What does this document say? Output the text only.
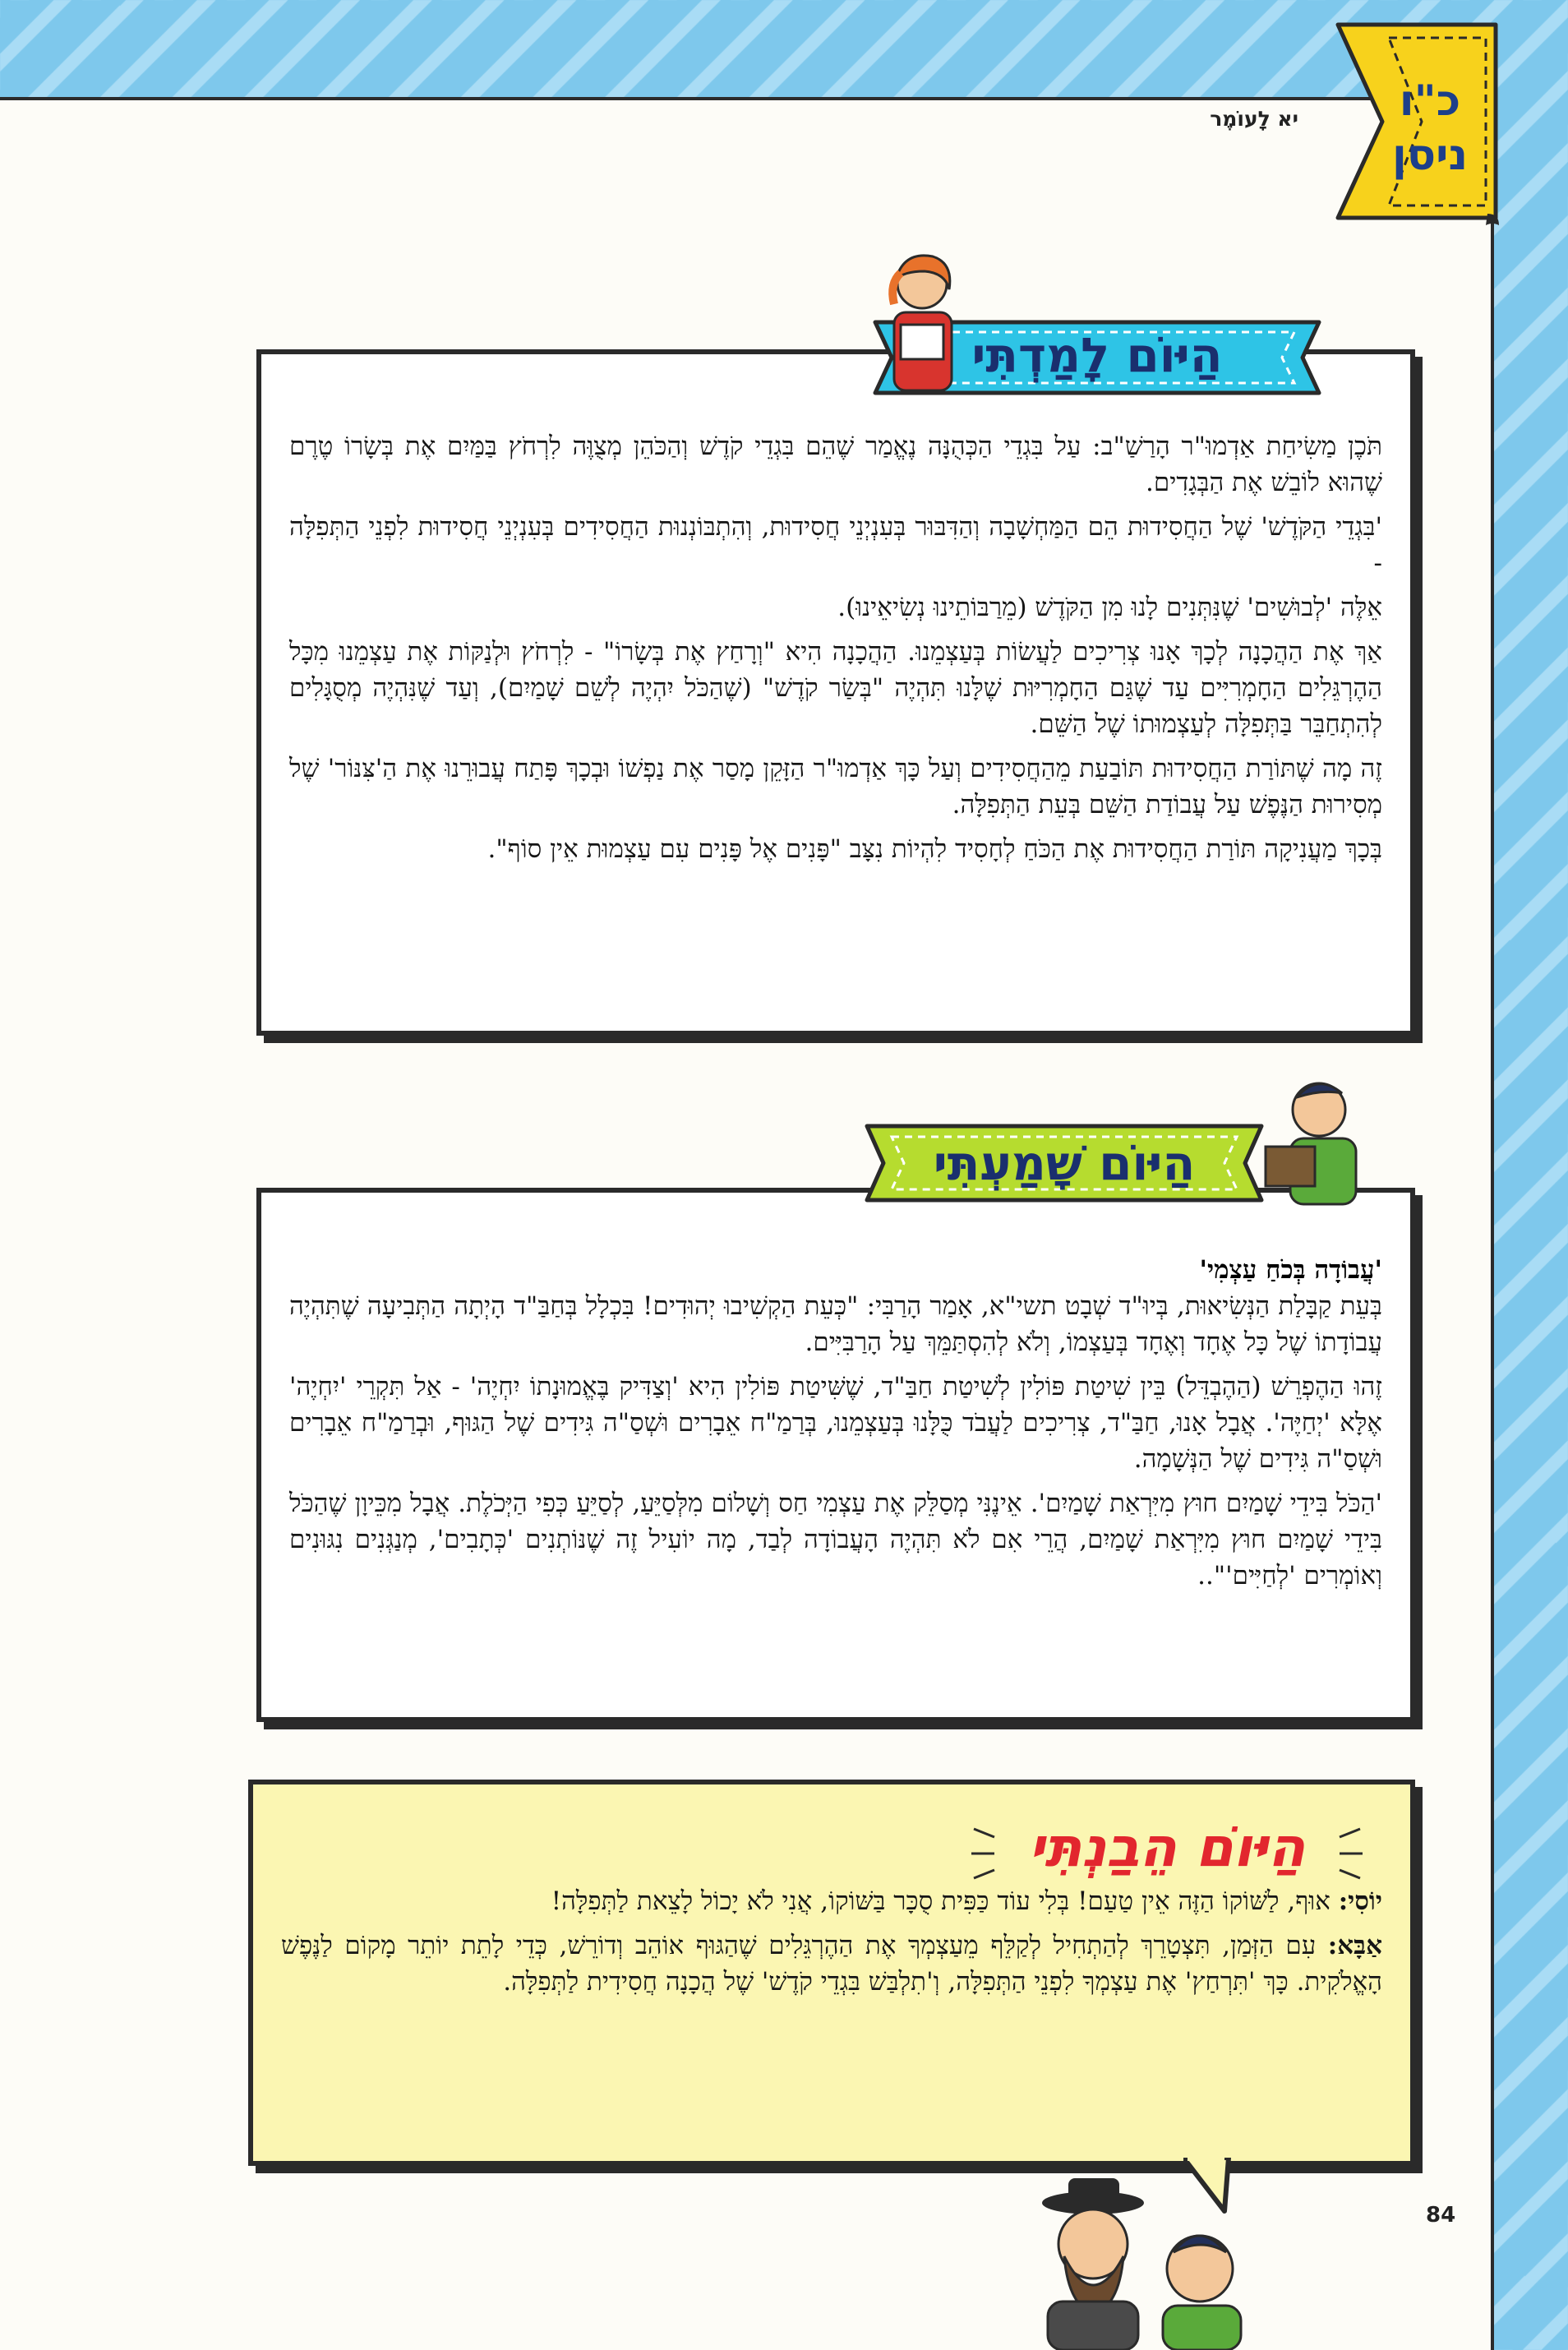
כ"ו
ניסן
יא לָעוֹמֶר

תֹּכֶן מַשִׂיחַת אַדְמוּ"ר הָרַשַׁ"ב: עַל בִּגְדֵי הַכְּהֻנָּה נֶאֱמַר שֶׁהֵם בִּגְדֵי קֹדֶשׁ וְהַכֹּהֵן מְצֻוֶּה לִרְחֹץ בַּמַּיִם אֶת בְּשָׂרוֹ טֶרֶם שֶׁהוּא לוֹבֵשׁ אֶת הַבְּגָדִים.

'בִּגְדֵי הַקֹּדֶשׁ' שֶׁל הַחֲסִידוּת הֵם הַמַּחְשָׁבָה וְהַדִּבּוּר בְּעִנְיְנֵי חֲסִידוּת, וְהִתְבּוֹנְנוּת הַחֲסִידִים בְּעִנְיְנֵי חֲסִידוּת לִפְנֵי הַתְּפִלָּה -

אֵלֶּה 'לְבוּשִׁים' שֶׁנִּתְּנִים לָנוּ מִן הַקֹּדֶשׁ (מֵרַבּוֹתֵינוּ נְשִׂיאֵינוּ).

אַךְ אֶת הַהֲכָנָה לְכָךְ אָנוּ צְרִיכִים לַעֲשׂוֹת בְּעַצְמֵנוּ. הַהֲכָנָה הִיא "וְרָחַץ אֶת בְּשָׂרוֹ" - לִרְחֹץ וּלְנַקּוֹת אֶת עַצְמֵנוּ מִכָּל הַהֶרְגֵּלִים הַחָמְרִיִּים עַד שֶׁגַּם הַחָמְרִיּוּת שֶׁלָּנוּ תִּהְיֶה "בְּשַׂר קֹדֶשׁ" (שֶׁהַכֹּל יִהְיֶה לְשֵׁם שָׁמַיִם), וְעַד שֶׁנִּהְיֶה מְסֻגָּלִים לְהִתְחַבֵּר בַּתְּפִלָּה לְעַצְמוּתוֹ שֶׁל הַשֵּׁם.

זֶה מָה שֶׁתּוֹרַת הַחֲסִידוּת תּוֹבַעַת מֵהַחֲסִידִים וְעַל כָּךְ אַדְמוּ"ר הַזָּקֵן מָסַר אֶת נַפְשׁוֹ וּבְכָךְ פָּתַח עֲבוּרֵנוּ אֶת הַ'צִּנּוֹר' שֶׁל מְסִירוּת הַנֶּפֶשׁ עַל עֲבוֹדַת הַשֵּׁם בְּעֵת הַתְּפִלָּה.

בְּכָךְ מַעֲנִיקָה תּוֹרַת הַחֲסִידוּת אֶת הַכֹּחַ לְחָסִיד לִהְיוֹת נִצָּב "פָּנִים אֶל פָּנִים עִם עַצְמוּת אֵין סוֹף".

הַיּוֹם לָמַדְתִּי

'עֲבוֹדָה בְּכֹחַ עַצְמִי'

בְּעֵת קַבָּלַת הַנְּשִׂיאוּת, בְּיוּ"ד שְׁבָט תשי"א, אָמַר הָרַבִּי: "כְּעֵת הַקְשִׁיבוּ יְהוּדִים! בִּכְלָל בְּחַבַּ"ד הָיְתָה הַתְּבִיעָה שֶׁתִּהְיֶה עֲבוֹדָתוֹ שֶׁל כָּל אֶחָד וְאֶחָד בְּעַצְמוֹ, וְלֹא לְהִסְתַּמֵּךְ עַל הָרַבִּיִּים.

זֶהוּ הַהֶפְרֵשׁ (הַהֶבְדֵּל) בֵּין שִׁיטַת פּוֹלִין לְשִׁיטַת חַבַּ"ד, שֶׁשִּׁיטַת פּוֹלִין הִיא 'וְצַדִּיק בֶּאֱמוּנָתוֹ יִחְיֶה' - אַל תִּקְרֵי 'יִחְיֶה' אֶלָּא 'יְחַיֶּה'. אֲבָל אָנוּ, חַבַּ"ד, צְרִיכִים לַעֲבֹד כֻּלָּנוּ בְּעַצְמֵנוּ, בְּרַמַ"ח אֵבָרִים וּשְׁסַ"ה גִּידִים שֶׁל הַגּוּף, וּבְרַמַ"ח אֵבָרִים וּשְׁסַ"ה גִּידִים שֶׁל הַנְּשָׁמָה.

'הַכֹּל בִּידֵי שָׁמַיִם חוּץ מִיִּרְאַת שָׁמַיִם'. אֵינֶנִּי מְסַלֵּק אֶת עַצְמִי חַס וְשָׁלוֹם מִלְּסַיֵּעַ, לְסַיֵּעַ כְּפִי הַיְּכֹלֶת. אֲבָל מִכֵּיוָן שֶׁהַכֹּל בִּידֵי שָׁמַיִם חוּץ מִיִּרְאַת שָׁמַיִם, הֲרֵי אִם לֹא תִּהְיֶה הָעֲבוֹדָה לְבַד, מָה יוֹעִיל זֶה שֶׁנּוֹתְנִים 'כְּתָבִים', מְנַגְּנִים נִגּוּנִים וְאוֹמְרִים 'לְחַיִּים'"..

הַיּוֹם שָׁמַעְתִּי

יוֹסִי: אוּף, לַשּׁוֹקוֹ הַזֶּה אֵין טַעַם! בְּלִי עוֹד כַּפִּית סֻכָּר בַּשּׁוֹקוֹ, אֲנִי לֹא יָכוֹל לָצֵאת לַתְּפִלָּה!

אַבָּא: עִם הַזְּמַן, תִּצְטָרֵךְ לְהַתְחִיל לְקַלֵּף מֵעַצְמְךָ אֶת הַהֶרְגֵּלִים שֶׁהַגּוּף אוֹהֵב וְדוֹרֵשׁ, כְּדֵי לָתֵת יוֹתֵר מָקוֹם לַנֶּפֶשׁ הָאֱלֹקִית. כָּךְ 'תִּרְחַץ' אֶת עַצְמְךָ לִפְנֵי הַתְּפִלָּה, וְ'תִלְבַּשׁ בִּגְדֵי קֹדֶשׁ' שֶׁל הֲכָנָה חֲסִידִית לַתְּפִלָּה.

הַיּוֹם הֵבַנְתִּי
84
